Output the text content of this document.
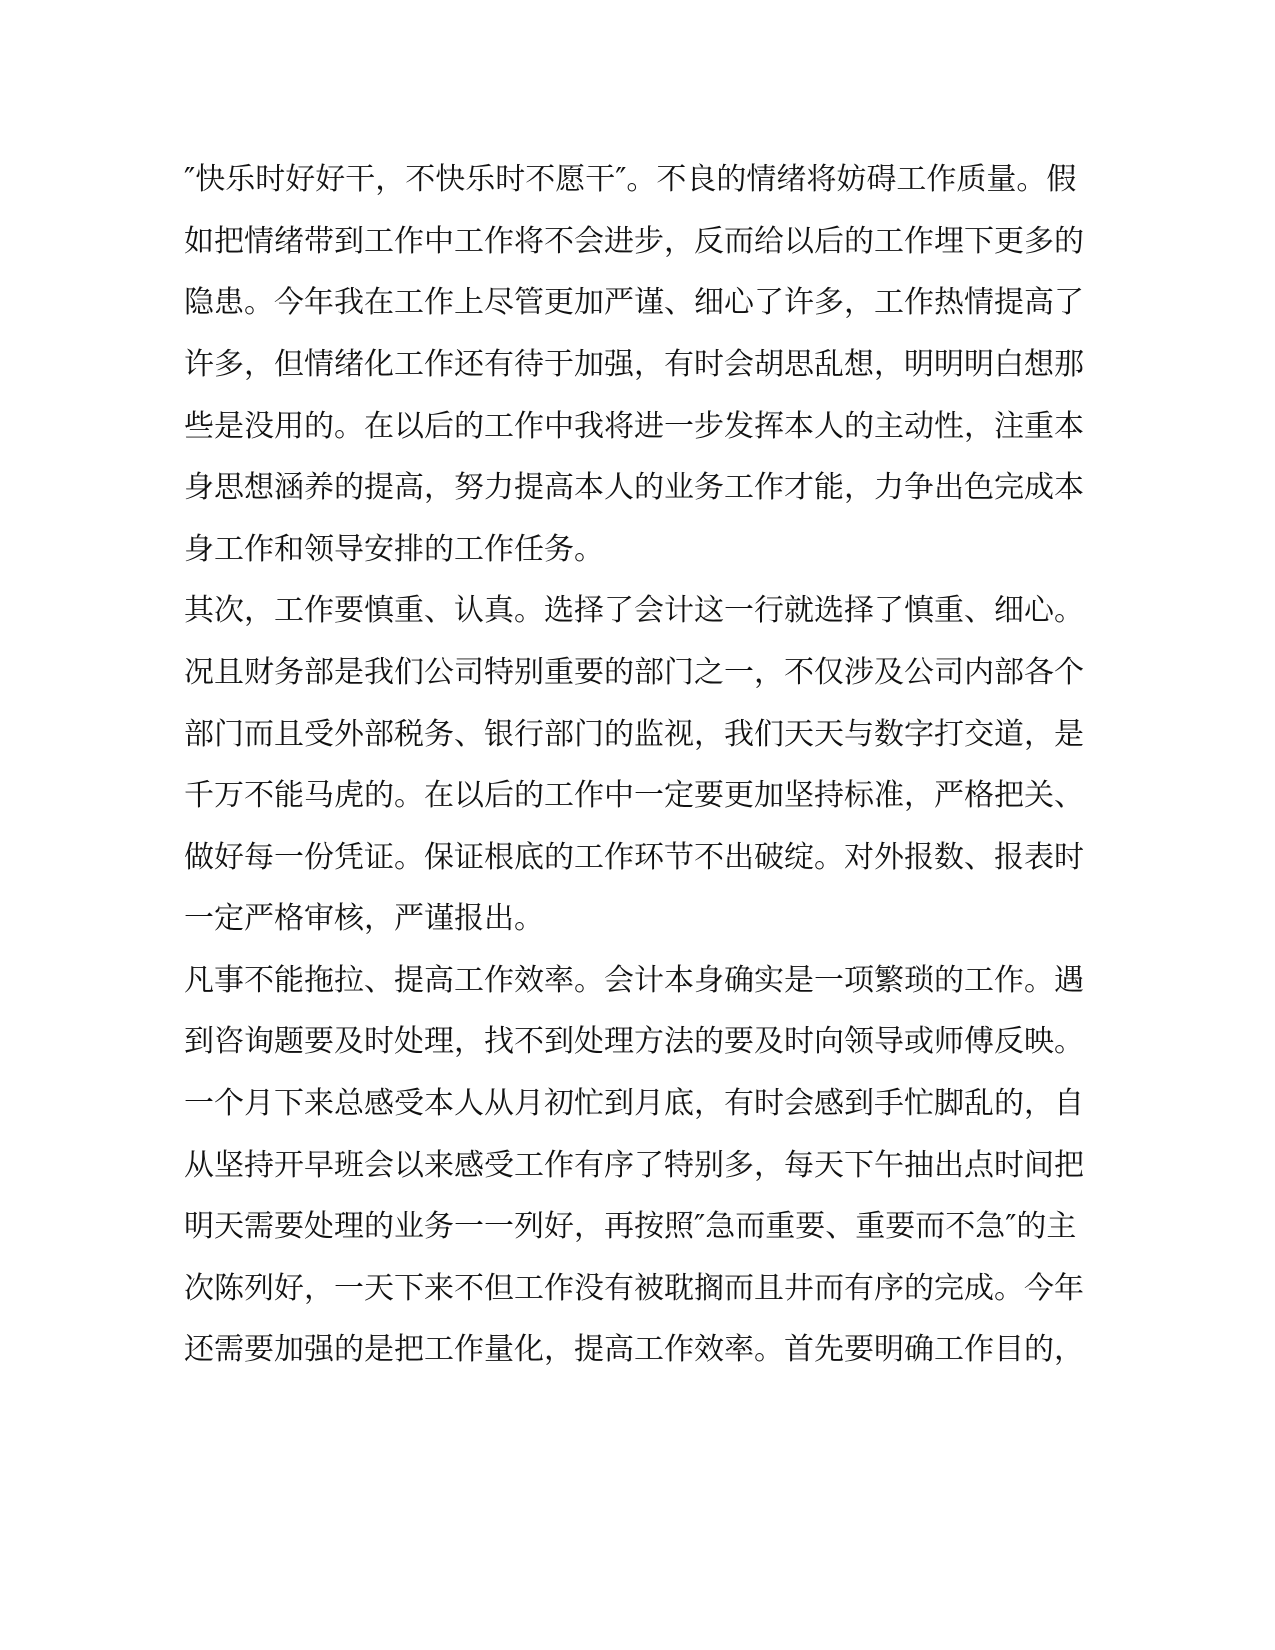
″快乐时好好干，不快乐时不愿干″。不良的情绪将妨碍工作质量。假
如把情绪带到工作中工作将不会进步，反而给以后的工作埋下更多的
隐患。今年我在工作上尽管更加严谨、细心了许多，工作热情提高了
许多，但情绪化工作还有待于加强，有时会胡思乱想，明明明白想那
些是没用的。在以后的工作中我将进一步发挥本人的主动性，注重本
身思想涵养的提高，努力提高本人的业务工作才能，力争出色完成本
身工作和领导安排的工作任务。
其次，工作要慎重、认真。选择了会计这一行就选择了慎重、细心。
况且财务部是我们公司特别重要的部门之一，不仅涉及公司内部各个
部门而且受外部税务、银行部门的监视，我们天天与数字打交道，是
千万不能马虎的。在以后的工作中一定要更加坚持标准，严格把关、
做好每一份凭证。保证根底的工作环节不出破绽。对外报数、报表时
一定严格审核，严谨报出。
凡事不能拖拉、提高工作效率。会计本身确实是一项繁琐的工作。遇
到咨询题要及时处理，找不到处理方法的要及时向领导或师傅反映。
一个月下来总感受本人从月初忙到月底，有时会感到手忙脚乱的，自
从坚持开早班会以来感受工作有序了特别多，每天下午抽出点时间把
明天需要处理的业务一一列好，再按照″急而重要、重要而不急″的主
次陈列好，一天下来不但工作没有被耽搁而且井而有序的完成。今年
还需要加强的是把工作量化，提高工作效率。首先要明确工作目的，
